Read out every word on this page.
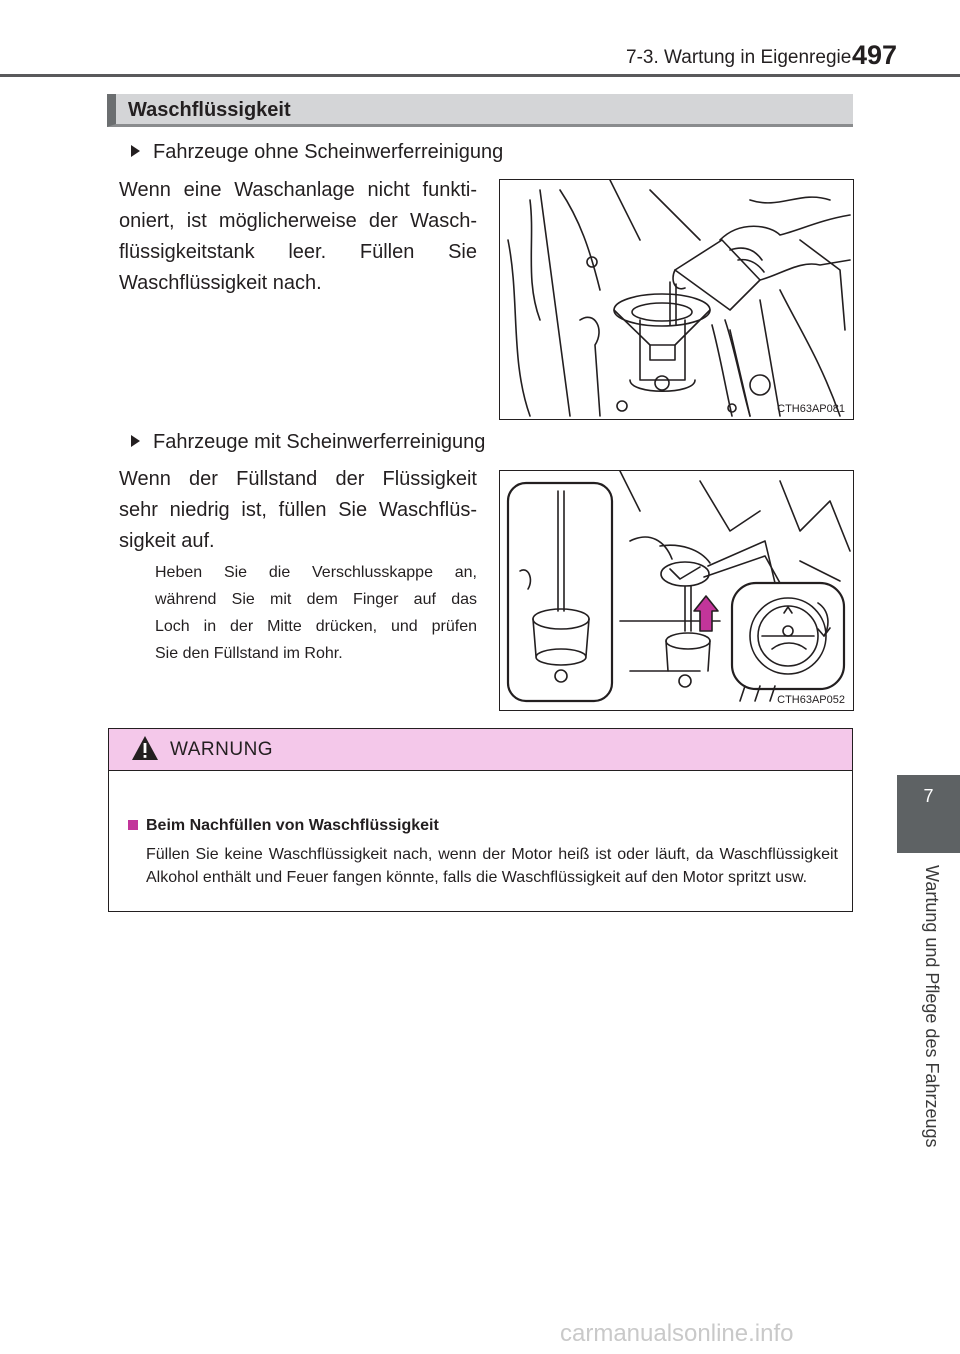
7-3. Wartung in Eigenregie 497
7
Wartung und Pflege des Fahrzeugs
Waschflüssigkeit
Fahrzeuge ohne Scheinwerferreinigung
Wenn eine Waschanlage nicht funkti-
oniert, ist möglicherweise der Wasch-
flüssigkeitstank leer. Füllen Sie
Waschflüssigkeit nach.
CTH63AP081
Fahrzeuge mit Scheinwerferreinigung
Wenn der Füllstand der Flüssigkeit
sehr niedrig ist, füllen Sie Waschflüs-
sigkeit auf.
Heben Sie die Verschlusskappe an,
während Sie mit dem Finger auf das
Loch in der Mitte drücken, und prüfen
Sie den Füllstand im Rohr.
CTH63AP052
WARNUNG
Beim Nachfüllen von Waschflüssigkeit
Füllen Sie keine Waschflüssigkeit nach, wenn der Motor heiß ist oder läuft, da Waschflüssigkeit Alkohol enthält und Feuer fangen könnte, falls die Waschflüssigkeit auf den Motor spritzt usw.
carmanualsonline.info
